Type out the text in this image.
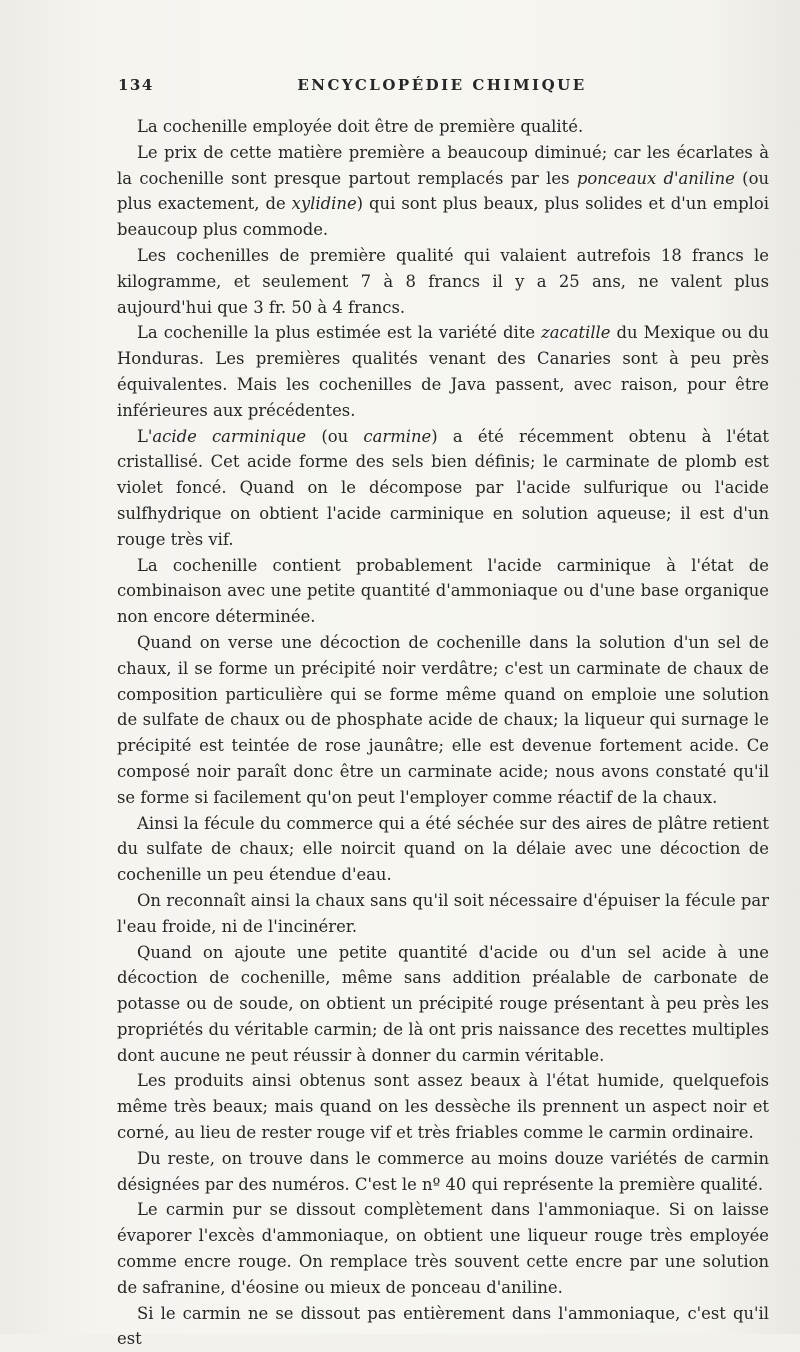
134	ENCYCLOPÉDIE CHIMIQUE

La cochenille employée doit être de première qualité.

Le prix de cette matière première a beaucoup diminué; car les écarlates à la cochenille sont presque partout remplacés par les ponceaux d'aniline (ou plus exactement, de xylidine) qui sont plus beaux, plus solides et d'un emploi beaucoup plus commode.

Les cochenilles de première qualité qui valaient autrefois 18 francs le kilogramme, et seulement 7 à 8 francs il y a 25 ans, ne valent plus aujourd'hui que 3 fr. 50 à 4 francs.

La cochenille la plus estimée est la variété dite zacatille du Mexique ou du Honduras. Les premières qualités venant des Canaries sont à peu près équivalentes. Mais les cochenilles de Java passent, avec raison, pour être inférieures aux précédentes.

L'acide carminique (ou carmine) a été récemment obtenu à l'état cristallisé. Cet acide forme des sels bien définis; le carminate de plomb est violet foncé. Quand on le décompose par l'acide sulfurique ou l'acide sulfhydrique on obtient l'acide carminique en solution aqueuse; il est d'un rouge très vif.

La cochenille contient probablement l'acide carminique à l'état de combinaison avec une petite quantité d'ammoniaque ou d'une base organique non encore déterminée.

Quand on verse une décoction de cochenille dans la solution d'un sel de chaux, il se forme un précipité noir verdâtre; c'est un carminate de chaux de composition particulière qui se forme même quand on emploie une solution de sulfate de chaux ou de phosphate acide de chaux; la liqueur qui surnage le précipité est teintée de rose jaunâtre; elle est devenue fortement acide. Ce composé noir paraît donc être un carminate acide; nous avons constaté qu'il se forme si facilement qu'on peut l'employer comme réactif de la chaux.

Ainsi la fécule du commerce qui a été séchée sur des aires de plâtre retient du sulfate de chaux; elle noircit quand on la délaie avec une décoction de cochenille un peu étendue d'eau.

On reconnaît ainsi la chaux sans qu'il soit nécessaire d'épuiser la fécule par l'eau froide, ni de l'incinérer.

Quand on ajoute une petite quantité d'acide ou d'un sel acide à une décoction de cochenille, même sans addition préalable de carbonate de potasse ou de soude, on obtient un précipité rouge présentant à peu près les propriétés du véritable carmin; de là ont pris naissance des recettes multiples dont aucune ne peut réussir à donner du carmin véritable.

Les produits ainsi obtenus sont assez beaux à l'état humide, quelquefois même très beaux; mais quand on les dessèche ils prennent un aspect noir et corné, au lieu de rester rouge vif et très friables comme le carmin ordinaire.

Du reste, on trouve dans le commerce au moins douze variétés de carmin désignées par des numéros. C'est le nº 40 qui représente la première qualité.

Le carmin pur se dissout complètement dans l'ammoniaque. Si on laisse évaporer l'excès d'ammoniaque, on obtient une liqueur rouge très employée comme encre rouge. On remplace très souvent cette encre par une solution de safranine, d'éosine ou mieux de ponceau d'aniline.

Si le carmin ne se dissout pas entièrement dans l'ammoniaque, c'est qu'il est
